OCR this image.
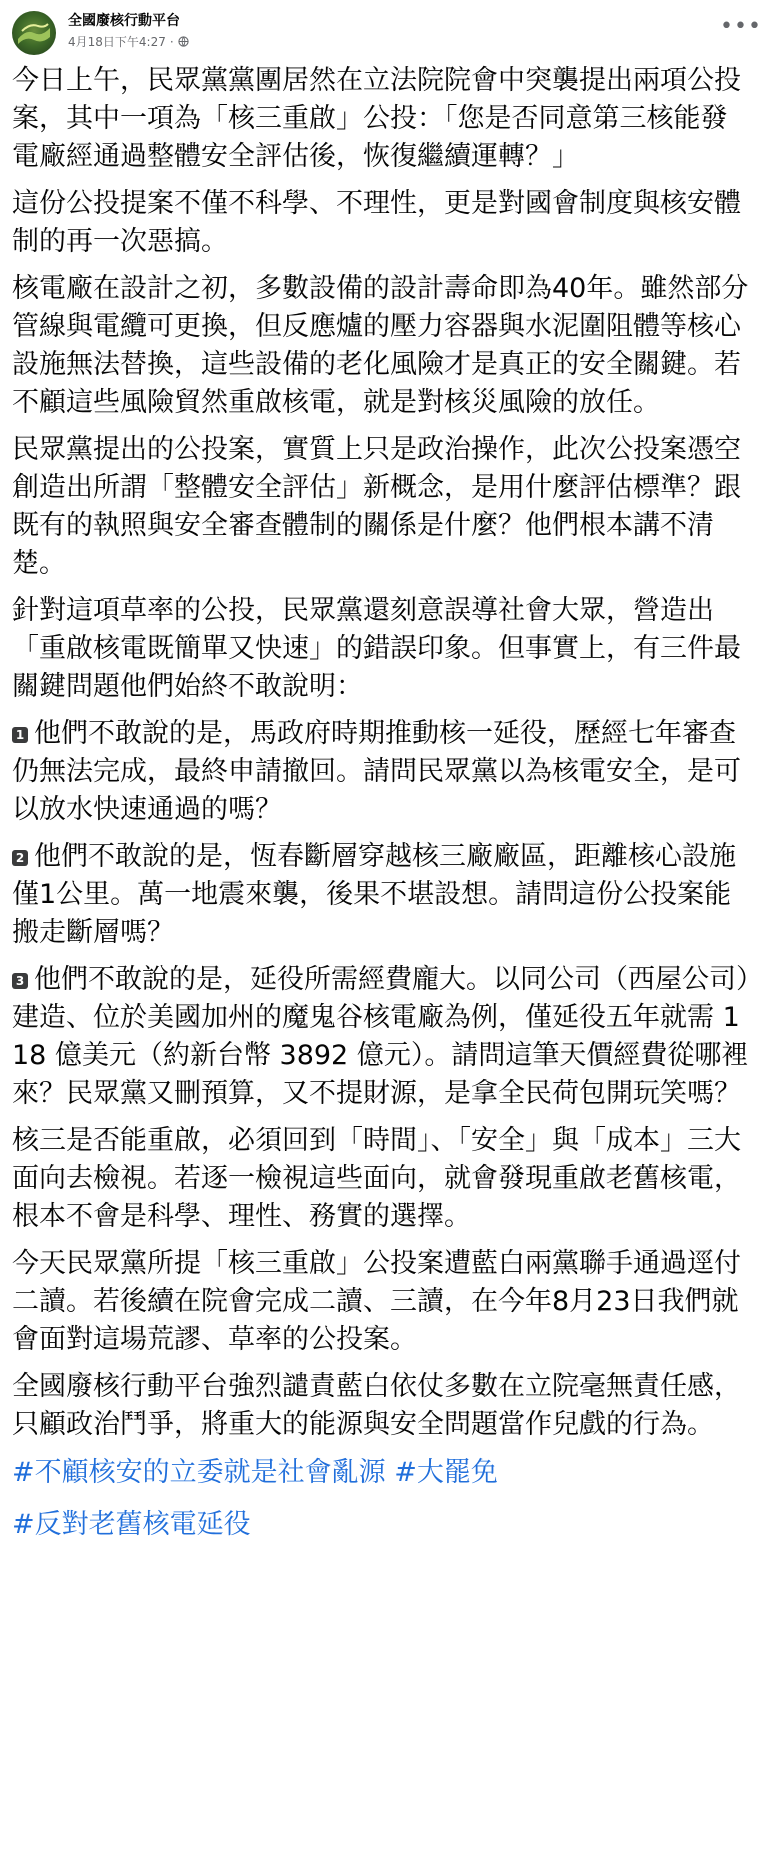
全國廢核行動平台
4月18日下午4:27 ·
•••

今日上午，民眾黨黨團居然在立法院院會中突襲提出兩項公投案，其中一項為「核三重啟」公投：「您是否同意第三核能發電廠經通過整體安全評估後，恢復繼續運轉？」

這份公投提案不僅不科學、不理性，更是對國會制度與核安體制的再一次惡搞。

核電廠在設計之初，多數設備的設計壽命即為40年。雖然部分管線與電纜可更換，但反應爐的壓力容器與水泥圍阻體等核心設施無法替換，這些設備的老化風險才是真正的安全關鍵。若不顧這些風險貿然重啟核電，就是對核災風險的放任。

民眾黨提出的公投案，實質上只是政治操作，此次公投案憑空創造出所謂「整體安全評估」新概念，是用什麼評估標準？跟既有的執照與安全審查體制的關係是什麼？他們根本講不清楚。

針對這項草率的公投，民眾黨還刻意誤導社會大眾，營造出「重啟核電既簡單又快速」的錯誤印象。但事實上，有三件最關鍵問題他們始終不敢說明：

1 他們不敢說的是，馬政府時期推動核一延役，歷經七年審查仍無法完成，最終申請撤回。請問民眾黨以為核電安全，是可以放水快速通過的嗎？

2 他們不敢說的是，恆春斷層穿越核三廠廠區，距離核心設施僅1公里。萬一地震來襲，後果不堪設想。請問這份公投案能搬走斷層嗎？

3 他們不敢說的是，延役所需經費龐大。以同公司（西屋公司）建造、位於美國加州的魔鬼谷核電廠為例，僅延役五年就需 118 億美元（約新台幣 3892 億元）。請問這筆天價經費從哪裡來？民眾黨又刪預算，又不提財源，是拿全民荷包開玩笑嗎？

核三是否能重啟，必須回到「時間」、「安全」與「成本」三大面向去檢視。若逐一檢視這些面向，就會發現重啟老舊核電，根本不會是科學、理性、務實的選擇。

今天民眾黨所提「核三重啟」公投案遭藍白兩黨聯手通過逕付二讀。若後續在院會完成二讀、三讀，在今年8月23日我們就會面對這場荒謬、草率的公投案。

全國廢核行動平台強烈譴責藍白依仗多數在立院毫無責任感，只顧政治鬥爭，將重大的能源與安全問題當作兒戲的行為。

#不顧核安的立委就是社會亂源 #大罷免
#反對老舊核電延役
